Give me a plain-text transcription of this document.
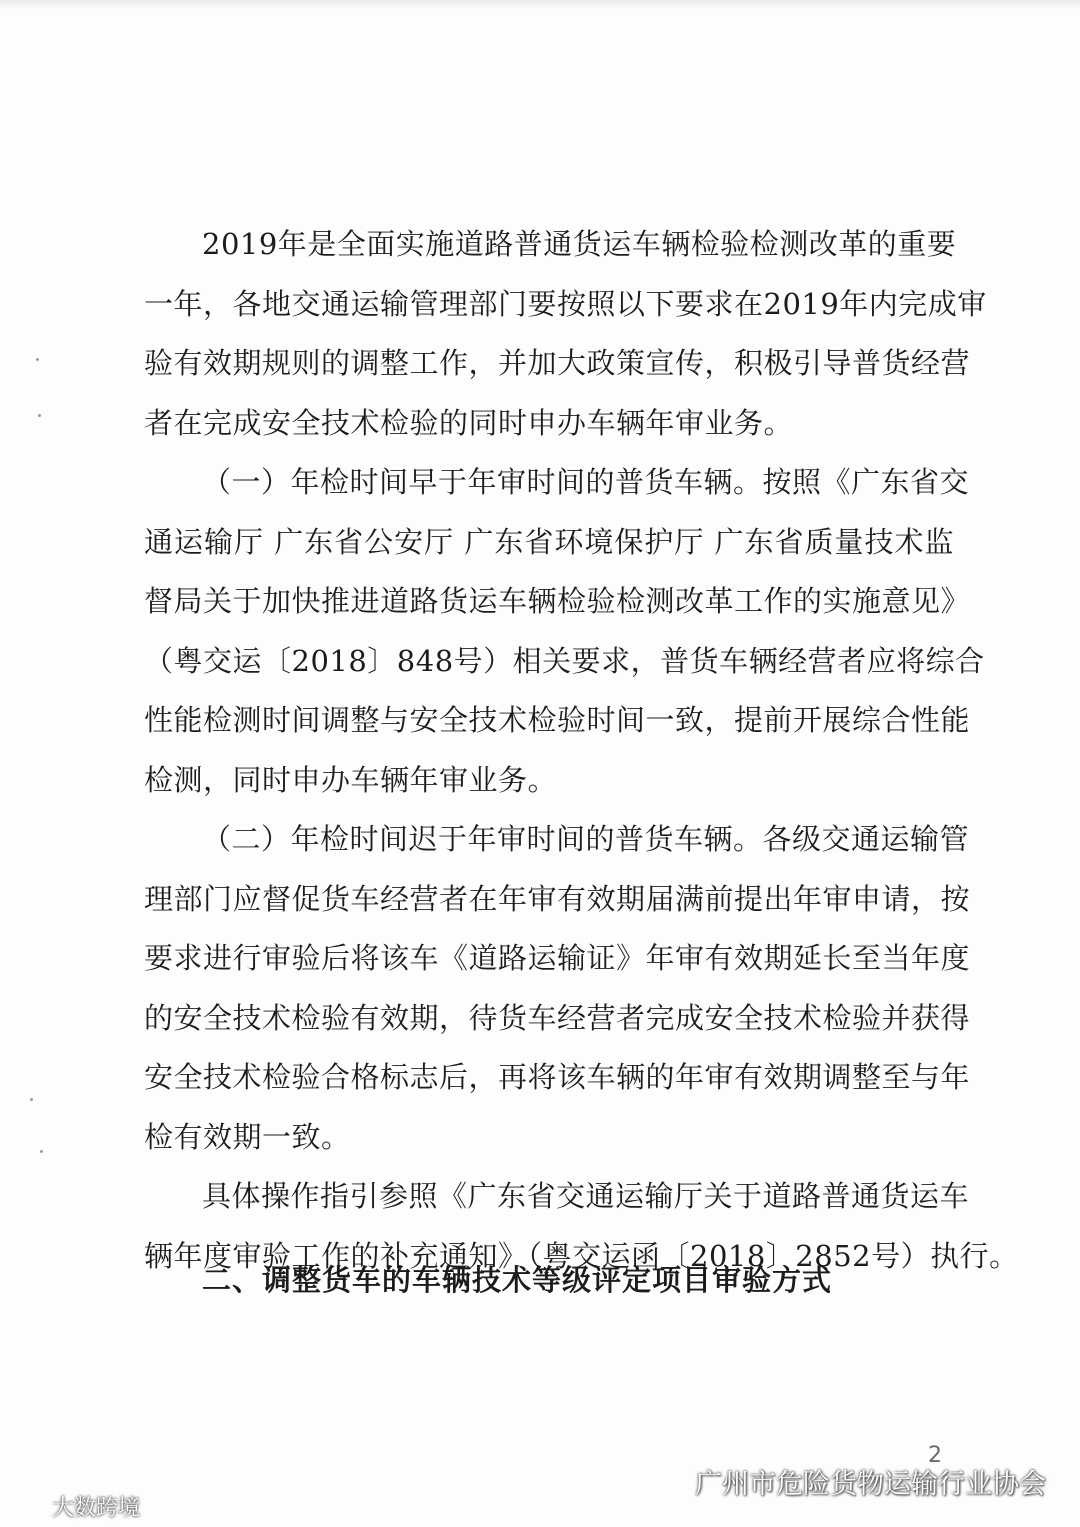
2019年是全面实施道路普通货运车辆检验检测改革的重要
一年，各地交通运输管理部门要按照以下要求在2019年内完成审
验有效期规则的调整工作，并加大政策宣传，积极引导普货经营
者在完成安全技术检验的同时申办车辆年审业务。
（一）年检时间早于年审时间的普货车辆。按照《广东省交
通运输厅 广东省公安厅 广东省环境保护厅 广东省质量技术监
督局关于加快推进道路货运车辆检验检测改革工作的实施意见》
（粤交运〔2018〕848号）相关要求，普货车辆经营者应将综合
性能检测时间调整与安全技术检验时间一致，提前开展综合性能
检测，同时申办车辆年审业务。
（二）年检时间迟于年审时间的普货车辆。各级交通运输管
理部门应督促货车经营者在年审有效期届满前提出年审申请，按
要求进行审验后将该车《道路运输证》年审有效期延长至当年度
的安全技术检验有效期，待货车经营者完成安全技术检验并获得
安全技术检验合格标志后，再将该车辆的年审有效期调整至与年
检有效期一致。
具体操作指引参照《广东省交通运输厅关于道路普通货运车
辆年度审验工作的补充通知》（粤交运函〔2018〕2852号）执行。
二、调整货车的车辆技术等级评定项目审验方式
2
广州市危险货物运输行业协会
大数跨境
